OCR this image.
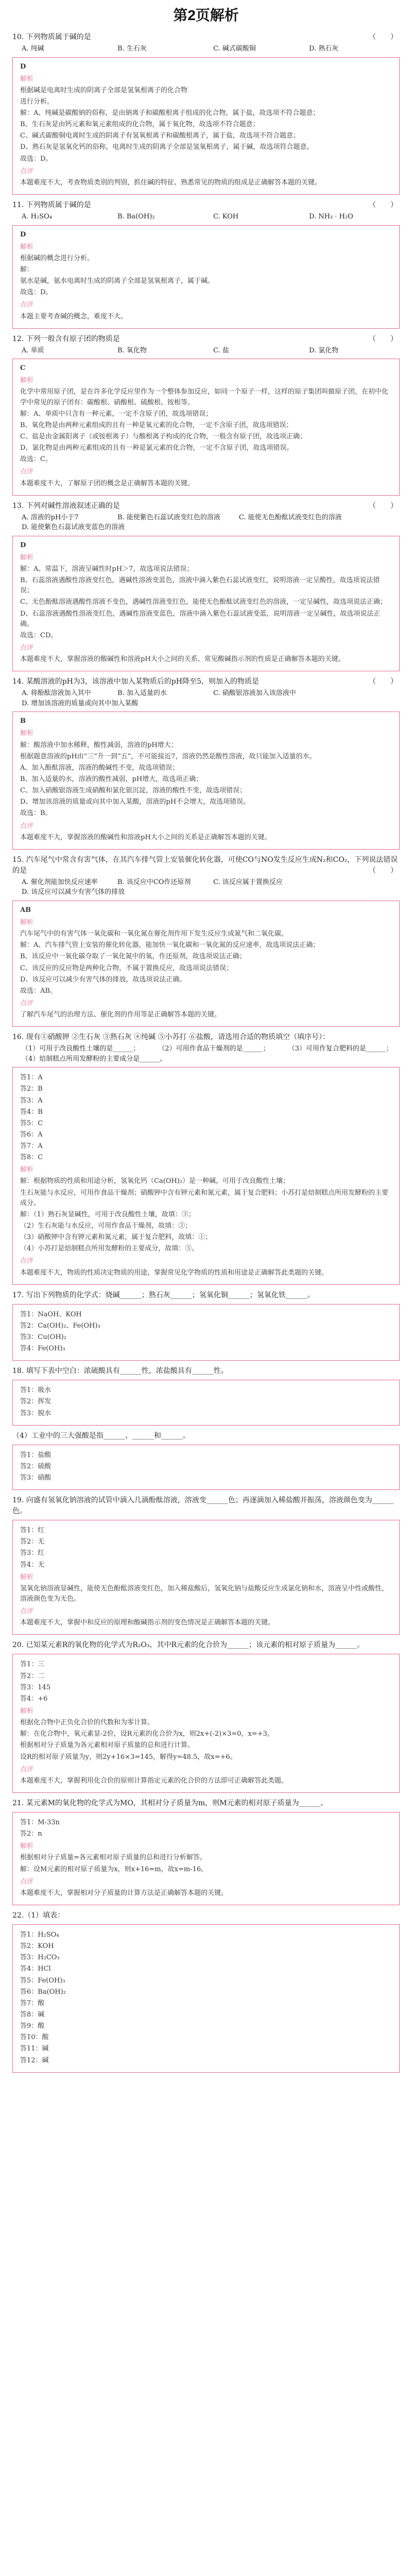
第2页解析
10. 下列物质属于碱的是	（　　）
A. 纯碱	B. 生石灰	C. 碱式碳酸铜	D. 熟石灰
D

解析

根据碱是电离时生成的阴离子全部是氢氧根离子的化合物

进行分析。

解：A、纯碱是碳酸钠的俗称，是由钠离子和碳酸根离子组成的化合物，属于盐，故选项不符合题意；

B、生石灰是由钙元素和氧元素组成的化合物，属于氧化物，故选项不符合题意；

C、碱式碳酸铜电离时生成的阴离子有氢氧根离子和碳酸根离子，属于盐，故选项不符合题意；

D、熟石灰是氢氧化钙的俗称，电离时生成的阴离子全部是氢氧根离子，属于碱，故选项符合题意。

故选：D。

点评

本题难度不大，考查物质类别的判别，抓住碱的特征、熟悉常见的物质的组成是正确解答本题的关键。

11. 下列物质属于碱的是	（　　）
A. H₂SO₄	B. Ba(OH)₂	C. KOH	D. NH₃ · H₂O
D

解析

根据碱的概念进行分析。

解：

氨水是碱，氨水电离时生成的阴离子全部是氢氧根离子，属于碱。

故选：D。

点评

本题主要考查碱的概念，难度不大。

12. 下列一般含有原子团的物质是	（　　）
A. 单质	B. 氧化物	C. 盐	D. 氯化物
C

解析

化学中常用原子团，是在许多化学反应里作为一个整体参加反应，如同一个原子一样，这样的原子集团叫做原子团，在初中化学中常见的原子团有：碳酸根、硝酸根、硫酸根、铵根等。

解：A、单质中只含有一种元素，一定不含原子团，故选项错误；

B、氧化物是由两种元素组成的且有一种是氧元素的化合物，一定不含原子团，故选项错误；

C、盐是由金属阳离子（或铵根离子）与酸根离子构成的化合物，一般含有原子团，故选项正确；

D、氯化物是由两种元素组成的且有一种是氯元素的化合物，一定不含原子团，故选项错误。

故选：C。

点评

本题难度不大，了解原子团的概念是正确解答本题的关键。

13. 下列对碱性溶液叙述正确的是	（　　）
A. 溶液的pH小于7	B. 能使紫色石蕊试液变红色的溶液	C. 能使无色酚酞试液变红色的溶液
D. 能使紫色石蕊试液变蓝色的溶液
D

解析

解：A、常温下，溶液呈碱性时pH＞7，故选项说法错误；

B、石蕊溶液遇酸性溶液变红色，遇碱性溶液变蓝色，溶液中滴入紫色石蕊试液变红，说明溶液一定呈酸性，故选项说法错误；

C、无色酚酞溶液遇酸性溶液不变色，遇碱性溶液变红色，能使无色酚酞试液变红色的溶液，一定呈碱性，故选项说法正确；

D、石蕊溶液遇酸性溶液变红色，遇碱性溶液变蓝色，溶液中滴入紫色石蕊试液变蓝，说明溶液一定呈碱性，故选项说法正确。

故选：CD。

点评

本题难度不大，掌握溶液的酸碱性和溶液pH大小之间的关系、常见酸碱指示剂的性质是正确解答本题的关键。

14. 某酸溶液的pH为3，该溶液中加入某物质后的pH降至5，则加入的物质是	（　　）
A. 将酚酞溶液加入其中	B. 加入适量的水	C. 硝酸银溶液加入该溶液中
D. 增加该溶液的质量或向其中加入某酸
B

解析

解：酸溶液中加水稀释，酸性减弱，溶液的pH增大；

根据题意溶液的pH由“三”升一到“五”，不可能接近7，溶液仍然是酸性溶液，故只能加入适量的水。

A、加入酚酞溶液，溶液的酸碱性不变，故选项错误；

B、加入适量的水，溶液的酸性减弱，pH增大，故选项正确；

C、加入硝酸银溶液生成硝酸和氯化银沉淀，溶液的酸性不变，故选项错误；

D、增加该溶液的质量或向其中加入某酸，溶液的pH不会增大，故选项错误。

故选：B。

点评

本题难度不大，掌握溶液的酸碱性和溶液pH大小之间的关系是正确解答本题的关键。

15. 汽车尾气中常含有害气体，在其汽车排气管上安装催化转化器，可使CO与NO发生反应生成N₂和CO₂，下列说法错误的是	（　　）
A. 催化剂能加快反应速率	B. 该反应中CO作还原剂	C. 该反应属于置换反应
D. 该反应可以减少有害气体的排放
AB

解析

汽车尾气中的有害气体一氧化碳和一氧化氮在催化剂作用下发生反应生成氮气和二氧化碳。

解：A、汽车排气管上安装的催化转化器，能加快一氧化碳和一氧化氮的反应速率，故选项说法正确；

B、该反应中一氧化碳夺取了一氧化氮中的氧，作还原剂，故选项说法正确；

C、该反应的反应物是两种化合物，不属于置换反应，故选项说法错误；

D、该反应可以减少有害气体的排放，故选项说法正确。

故选：AB。

点评

了解汽车尾气的治理方法、催化剂的作用等是正确解答本题的关键。

16. 现有①硝酸钾 ②生石灰 ③熟石灰 ④纯碱 ⑤小苏打 ⑥盐酸，请选用合适的物质填空（填序号）：
（1）可用于改良酸性土壤的是______；	（2）可用作食品干燥剂的是______；	（3）可用作复合肥料的是______；
（4）焙制糕点所用发酵粉的主要成分是______。

答1：A

答2：B

答3：A

答4：B

答5：C

答6：A

答7：A

答8：C

解析

解：根据物质的性质和用途分析，氢氧化钙（Ca(OH)₂）是一种碱，可用于改良酸性土壤；

生石灰能与水反应，可用作食品干燥剂；硝酸钾中含有钾元素和氮元素，属于复合肥料；小苏打是焙制糕点所用发酵粉的主要成分。

解：（1）熟石灰显碱性，可用于改良酸性土壤，故填：③；

（2）生石灰能与水反应，可用作食品干燥剂，故填：②；

（3）硝酸钾中含有钾元素和氮元素，属于复合肥料，故填：①；

（4）小苏打是焙制糕点所用发酵粉的主要成分，故填：⑤。

点评

本题难度不大，物质的性质决定物质的用途，掌握常见化学物质的性质和用途是正确解答此类题的关键。

17. 写出下列物质的化学式：烧碱______；熟石灰______；氢氧化铜______；氢氧化铁______。

答1：NaOH、KOH

答2：Ca(OH)₂、Fe(OH)₃

答3：Cu(OH)₂

答4：Fe(OH)₃

18. 填写下表中空白：浓硫酸具有______性，浓盐酸具有______性。

答1：吸水

答2：挥发

答3：脱水

（4）工业中的三大强酸是指______、______和______。

答1：盐酸

答2：硫酸

答3：硝酸

19. 向盛有氢氧化钠溶液的试管中滴入几滴酚酞溶液，溶液变______色；再逐滴加入稀盐酸并振荡，溶液颜色变为______色。

答1：红

答2：无

答3：红

答4：无

解析

氢氧化钠溶液显碱性，能使无色酚酞溶液变红色，加入稀盐酸后，氢氧化钠与盐酸反应生成氯化钠和水，溶液呈中性或酸性，溶液颜色变为无色。

点评

本题难度不大，掌握中和反应的原理和酸碱指示剂的变色情况是正确解答本题的关键。

20. 已知某元素R的氧化物的化学式为R₂O₃，其中R元素的化合价为______；该元素的相对原子质量为______。

答1：三

答2：二

答3：145

答4：+6

解析

根据化合物中正负化合价的代数和为零计算。

解：在化合物中，氧元素显-2价，设R元素的化合价为x，则2x+(-2)×3=0，x=+3。

根据相对分子质量为各元素相对原子质量的总和进行计算。

设R的相对原子质量为y，则2y+16×3=145，解得y=48.5，故x=+6。

点评

本题难度不大，掌握利用化合价的原则计算指定元素的化合价的方法即可正确解答此类题。

21. 某元素M的氧化物的化学式为MO，其相对分子质量为m，则M元素的相对原子质量为______。

答1：M-33n

答2：n

解析

根据相对分子质量=各元素相对原子质量的总和进行分析解答。

解：设M元素的相对原子质量为x，则x+16=m，故x=m-16。

点评

本题难度不大，掌握相对分子质量的计算方法是正确解答本题的关键。

22.（1）填表：

答1：H₂SO₄

答2：KOH

答3：H₂CO₃

答4：HCl

答5：Fe(OH)₃

答6：Ba(OH)₂

答7：酸

答8：碱

答9：酸

答10：酸

答11：碱

答12：碱
